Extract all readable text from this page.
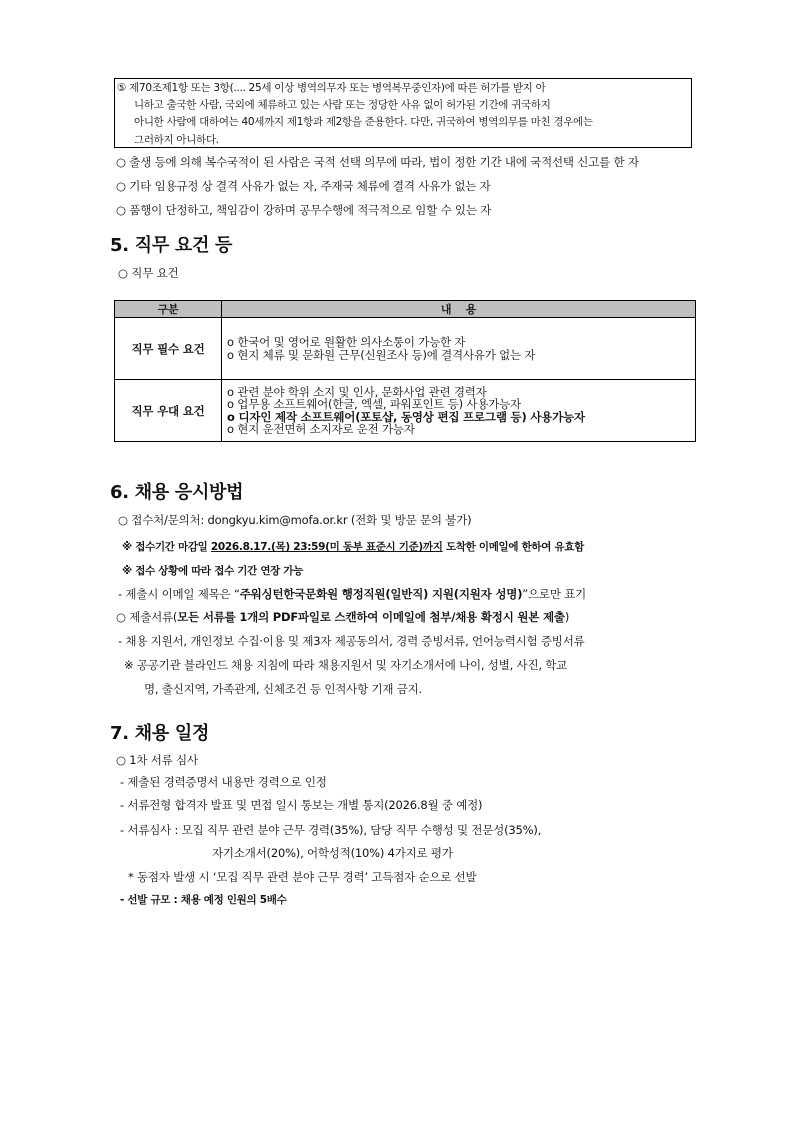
⑤ 제70조제1항 또는 3항(.... 25세 이상 병역의무자 또는 병역복무중인자)에 따른 허가를 받지 아
니하고 출국한 사람, 국외에 체류하고 있는 사람 또는 정당한 사유 없이 허가된 기간에 귀국하지
아니한 사람에 대하여는 40세까지 제1항과 제2항을 준용한다. 다만, 귀국하여 병역의무를 마친 경우에는
그러하지 아니하다.
○ 출생 등에 의해 복수국적이 된 사람은 국적 선택 의무에 따라, 법이 정한 기간 내에 국적선택 신고를 한 자
○ 기타 임용규정 상 결격 사유가 없는 자, 주재국 체류에 결격 사유가 없는 자
○ 품행이 단정하고, 책임감이 강하며 공무수행에 적극적으로 임할 수 있는 자
5. 직무 요건 등
○ 직무 요건
구분	내    용
직무 필수 요건	o 한국어 및 영어로 원활한 의사소통이 가능한 자
o 현지 체류 및 문화원 근무(신원조사 등)에 결격사유가 없는 자

직무 우대 요건	o 관련 분야 학위 소지 및 인사, 문화사업 관련 경력자
o 업무용 소프트웨어(한글, 엑셀, 파워포인트 등) 사용가능자
o 디자인 제작 소프트웨어(포토샵, 동영상 편집 프로그램 등) 사용가능자
o 현지 운전면허 소지자로 운전 가능자
6. 채용 응시방법
○ 접수처/문의처: dongkyu.kim@mofa.or.kr (전화 및 방문 문의 불가)
※ 접수기간 마감일 2026.8.17.(목) 23:59(미 동부 표준시 기준)까지 도착한 이메일에 한하여 유효함
※ 접수 상황에 따라 접수 기간 연장 가능
- 제출시 이메일 제목은 “주워싱턴한국문화원 행정직원(일반직) 지원(지원자 성명)”으로만 표기
○ 제출서류(모든 서류를 1개의 PDF파일로 스캔하여 이메일에 첨부/채용 확정시 원본 제출)
- 채용 지원서, 개인정보 수집·이용 및 제3자 제공동의서, 경력 증빙서류, 언어능력시험 증빙서류
※ 공공기관 블라인드 채용 지침에 따라 채용지원서 및 자기소개서에 나이, 성별, 사진, 학교
명, 출신지역, 가족관계, 신체조건 등 인적사항 기재 금지.
7. 채용 일정
○ 1차 서류 심사
- 제출된 경력증명서 내용만 경력으로 인정
- 서류전형 합격자 발표 및 면접 일시 통보는 개별 통지(2026.8월 중 예정)
- 서류심사 : 모집 직무 관련 분야 근무 경력(35%), 담당 직무 수행성 및 전문성(35%),
자기소개서(20%), 어학성적(10%) 4가지로 평가
* 동점자 발생 시 ‘모집 직무 관련 분야 근무 경력’ 고득점자 순으로 선발
- 선발 규모 : 채용 예정 인원의 5배수
